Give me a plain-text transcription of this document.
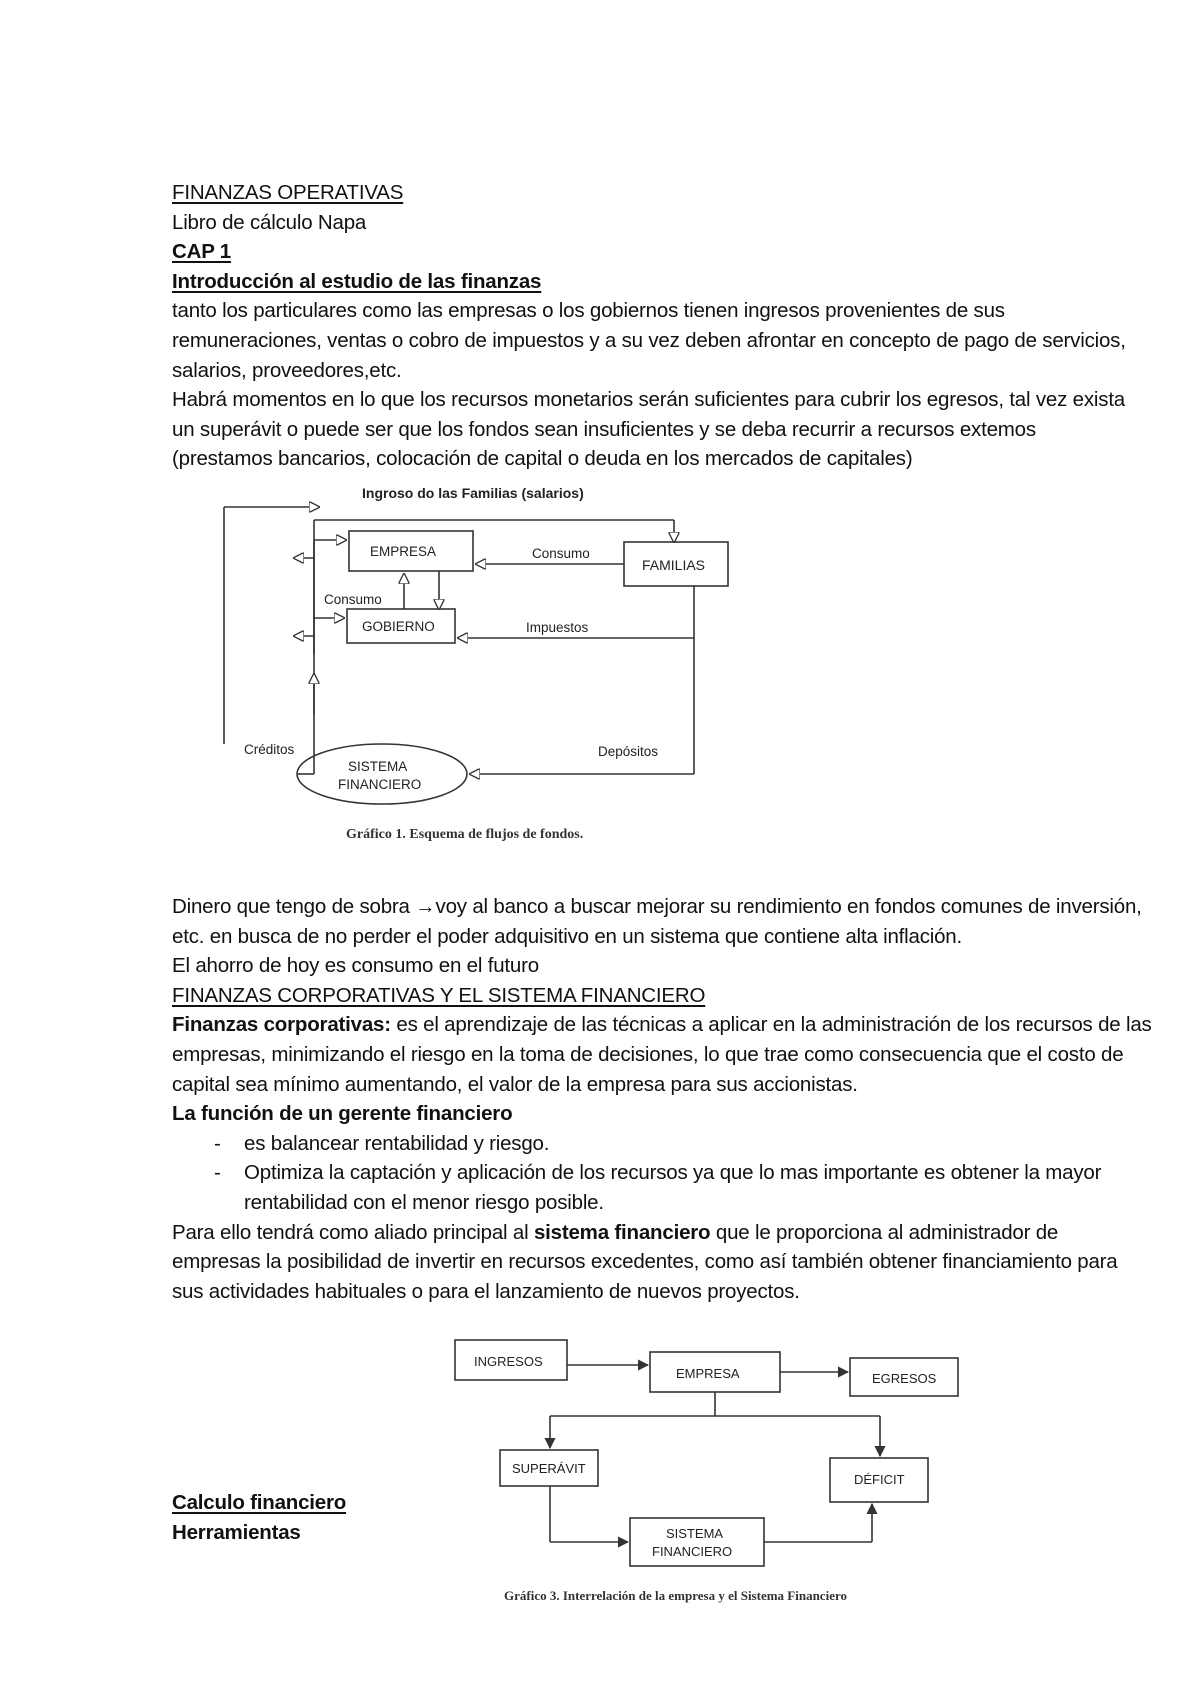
FINANZAS OPERATIVAS

Libro de cálculo Napa

CAP 1

Introducción al estudio de las finanzas

tanto los particulares como las empresas o los gobiernos tienen ingresos provenientes de sus remuneraciones, ventas o cobro de impuestos y a su vez deben afrontar en concepto de pago de servicios, salarios, proveedores,etc.

Habrá momentos en lo que los recursos monetarios serán suficientes para cubrir los egresos, tal vez exista un superávit o puede ser que los fondos sean insuficientes y se deba recurrir a recursos extemos (prestamos bancarios, colocación de capital o deuda en los mercados de capitales)

Ingroso do las Familias (salarios)
EMPRESA
FAMILIAS
GOBIERNO
SISTEMA
FINANCIERO
Consumo
Consumo
Impuestos
Créditos	Depósitos
Gráfico 1. Esquema de flujos de fondos.

Dinero que tengo de sobra →voy al banco a buscar mejorar su rendimiento en fondos comunes de inversión, etc. en busca de no perder el poder adquisitivo en un sistema que contiene alta inflación.

El ahorro de hoy es consumo en el futuro

FINANZAS CORPORATIVAS Y EL SISTEMA FINANCIERO

Finanzas corporativas: es el aprendizaje de las técnicas a aplicar en la administración de los recursos de las empresas, minimizando el riesgo en la toma de decisiones, lo que trae como consecuencia que el costo de capital sea mínimo aumentando, el valor de la empresa para sus accionistas.

La función de un gerente financiero

- es balancear rentabilidad y riesgo.
- Optimiza la captación y aplicación de los recursos ya que lo mas importante es obtener la mayor rentabilidad con el menor riesgo posible.

Para ello tendrá como aliado principal al sistema financiero que le proporciona al administrador de empresas la posibilidad de invertir en recursos excedentes, como así también obtener financiamiento para sus actividades habituales o para el lanzamiento de nuevos proyectos.

INGRESOS
EMPRESA	EGRESOS
SUPERÁVIT
DÉFICIT
SISTEMA
FINANCIERO
Gráfico 3. Interrelación de la empresa y el Sistema Financiero

Calculo financiero

Herramientas
